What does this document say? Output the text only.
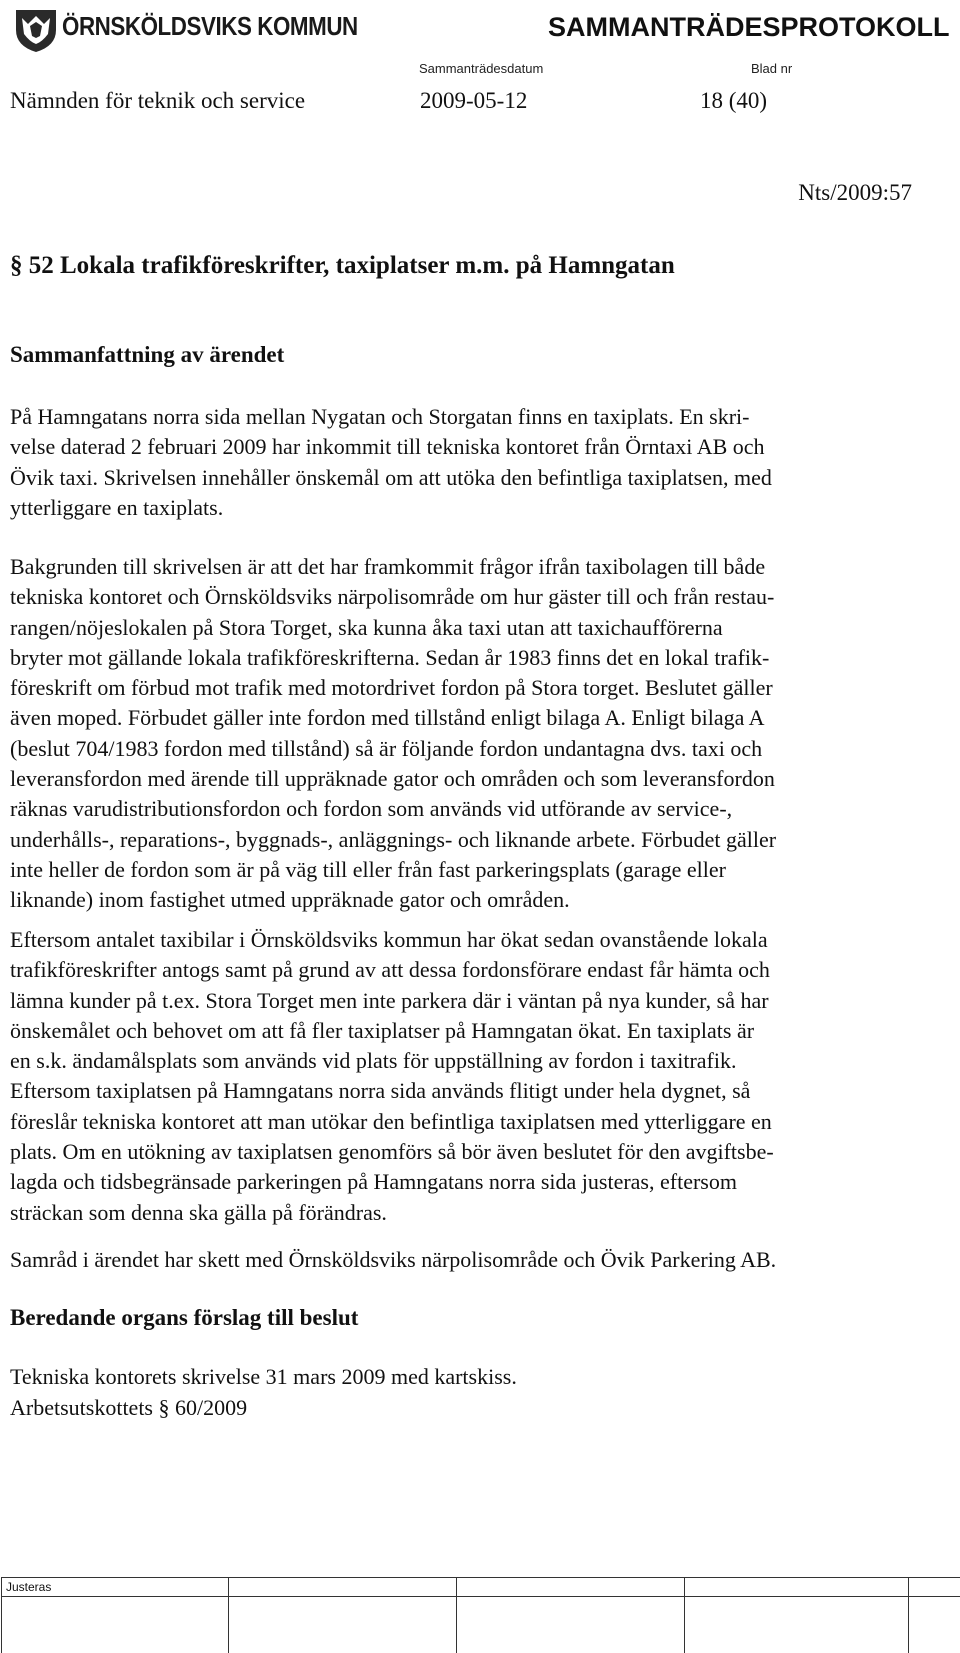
ÖRNSKÖLDSVIKS KOMMUN	SAMMANTRÄDESPROTOKOLL
Sammanträdesdatum	Blad nr
Nämnden för teknik och service	2009-05-12	18 (40)
Nts/2009:57
§ 52 Lokala trafikföreskrifter, taxiplatser m.m. på Hamngatan
Sammanfattning av ärendet
På Hamngatans norra sida mellan Nygatan och Storgatan finns en taxiplats. En skri-
velse daterad 2 februari 2009 har inkommit till tekniska kontoret från Örntaxi AB och
Övik taxi. Skrivelsen innehåller önskemål om att utöka den befintliga taxiplatsen, med
ytterliggare en taxiplats.
Bakgrunden till skrivelsen är att det har framkommit frågor ifrån taxibolagen till både
tekniska kontoret och Örnsköldsviks närpolisområde om hur gäster till och från restau-
rangen/nöjeslokalen på Stora Torget, ska kunna åka taxi utan att taxichaufförerna
bryter mot gällande lokala trafikföreskrifterna. Sedan år 1983 finns det en lokal trafik-
föreskrift om förbud mot trafik med motordrivet fordon på Stora torget. Beslutet gäller
även moped. Förbudet gäller inte fordon med tillstånd enligt bilaga A. Enligt bilaga A
(beslut 704/1983 fordon med tillstånd) så är följande fordon undantagna dvs. taxi och
leveransfordon med ärende till uppräknade gator och områden och som leveransfordon
räknas varudistributionsfordon och fordon som används vid utförande av service-,
underhålls-, reparations-, byggnads-, anläggnings- och liknande arbete. Förbudet gäller
inte heller de fordon som är på väg till eller från fast parkeringsplats (garage eller
liknande) inom fastighet utmed uppräknade gator och områden.
Eftersom antalet taxibilar i Örnsköldsviks kommun har ökat sedan ovanstående lokala
trafikföreskrifter antogs samt på grund av att dessa fordonsförare endast får hämta och
lämna kunder på t.ex. Stora Torget men inte parkera där i väntan på nya kunder, så har
önskemålet och behovet om att få fler taxiplatser på Hamngatan ökat. En taxiplats är
en s.k. ändamålsplats som används vid plats för uppställning av fordon i taxitrafik.
Eftersom taxiplatsen på Hamngatans norra sida används flitigt under hela dygnet, så
föreslår tekniska kontoret att man utökar den befintliga taxiplatsen med ytterliggare en
plats. Om en utökning av taxiplatsen genomförs så bör även beslutet för den avgiftsbe-
lagda och tidsbegränsade parkeringen på Hamngatans norra sida justeras, eftersom
sträckan som denna ska gälla på förändras.
Samråd i ärendet har skett med Örnsköldsviks närpolisområde och Övik Parkering AB.
Beredande organs förslag till beslut
Tekniska kontorets skrivelse 31 mars 2009 med kartskiss.
Arbetsutskottets § 60/2009
Justeras
